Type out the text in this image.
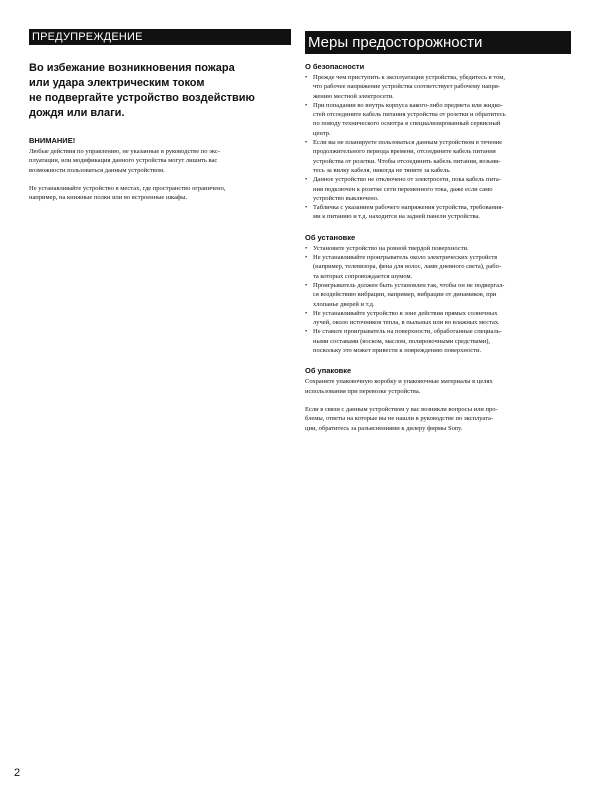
ПРЕДУПРЕЖДЕНИЕ
Во избежание возникновения пожара
или удара электрическим током
не подвергайте устройство воздействию
дождя или влаги.
ВНИМАНИЕ!
Любые действия по управлению, не указанные в руководстве по экс-
плуатации, или модификация данного устройства могут лишить вас
возможности пользоваться данным устройством.
Не устанавливайте устройство в местах, где пространство ограничено,
например, на книжные полки или во встроенные шкафы.
Меры предосторожности
О безопасности
• Прежде чем приступить к эксплуатации устройства, убедитесь в том,
что рабочее напряжение устройства соответствует рабочему напря-
жению местной электросети.
• При попадании во внутрь корпуса какого-либо предмета или жидко-
стей отсоедините кабель питания устройства от розетки и обратитесь
по поводу технического осмотра в специализированный сервисный
центр.
• Если вы не планируете пользоваться данным устройством в течение
продолжительного периода времени, отсоедините кабель питания
устройства от розетки. Чтобы отсоединить кабель питания, возьми-
тесь за вилку кабеля, никогда не тяните за кабель.
• Данное устройство не отключено от электросети, пока кабель пита-
ния подключен к розетке сети переменного тока, даже если само
устройство выключено.
• Табличка с указанием рабочего напряжения устройства, требования-
ми к питанию и т.д. находится на задней панели устройства.
Об установке
• Установите устройство на ровной твердой поверхности.
• Не устанавливайте проигрыватель около электрических устройств
(например, телевизора, фена для волос, ламп дневного света), рабо-
та которых сопровождается шумом.
• Проигрыватель должен быть установлен так, чтобы он не подвергал-
ся воздействию вибрации, например, вибрации от динамиков, при
хлопанье дверей и т.д.
• Не устанавливайте устройство в зоне действия прямых солнечных
лучей, около источников тепла, в пыльных или во влажных местах.
• Не ставьте проигрыватель на поверхности, обработанные специаль-
ными составами (воском, маслом, полировочными средствами),
поскольку это может привести к повреждению поверхности.
Об упаковке
Сохраните упаковочную коробку и упаковочные материалы в целях
использования при перевозке устройства.
Если в связи с данным устройством у вас возникли вопросы или про-
блемы, ответы на которые вы не нашли в руководстве по эксплуата-
ции, обратитесь за разъяснениями к дилеру фирмы Sony.
2
